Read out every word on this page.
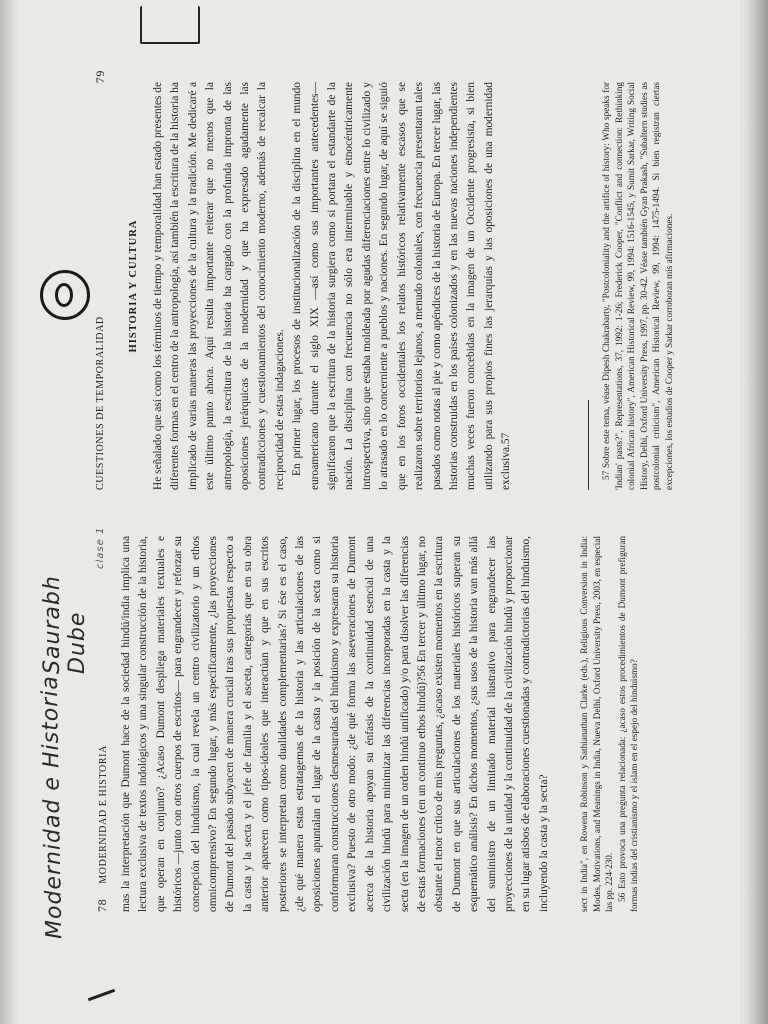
78 MODERNIDAD E HISTORIA mas la interpretación que Dumont hace de la sociedad hindú/india implica una lectura exclusiva de textos indológicos y una singular construcción de la historia, que operan en conjunto? ¿Acaso Dumont despliega materiales textuales e históricos —junto con otros cuerpos de escritos— para engrandecer y reforzar su concepción del hinduismo, la cual revela un centro civilizatorio y un ethos omnicomprensivo? En segundo lugar, y más específicamente, ¿las proyecciones de Dumont del pasado subyacen de manera crucial tras sus propuestas respecto a la casta y la secta y el jefe de familia y el asceta, categorías que en su obra anterior aparecen como tipos-ideales que interactúan y que en sus escritos posteriores se interpretan como dualidades complementarias? Si ése es el caso, ¿de qué manera estas estratagemas de la historia y las articulaciones de las oposiciones apuntalan el lugar de la casta y la posición de la secta como si conformaran construcciones desmesuradas del hinduismo y expresaran su historia exclusiva? Puesto de otro modo: ¿de qué forma las aseveraciones de Dumont acerca de la historia apoyan su énfasis de la continuidad esencial de una civilización hindú para minimizar las diferencias incorporadas en la casta y la secta (en la imagen de un orden hindú unificado) y/o para disolver las diferencias de estas formaciones (en un continuo ethos hindú)?56 En tercer y último lugar, no obstante el tenor crítico de mis preguntas, ¿acaso existen momentos en la escritura de Dumont en que sus articulaciones de los materiales históricos superan su esquemático análisis? En dichos momentos, ¿sus usos de la historia van más allá del suministro de un limitado material ilustrativo para engrandecer las proyecciones de la unidad y la continuidad de la civilización hindú y proporcionar en su lugar atisbos de elaboraciones cuestionadas y contradictorias del hinduismo, incluyendo la casta y la secta?	sect in India", en Rowena Robinson y Sathianathan Clarke (eds.), Religious Conversion in India: Modes, Motivations, and Meanings in India, Nueva Delhi, Oxford University Press, 2003, en especial las pp. 224-230. 56 Esto provoca una pregunta relacionada: ¿acaso estos procedimientos de Dumont prefiguran formas indias del cristianismo y el islam en el espejo del hinduismo?

Modernidad e Historia
Saurabh Dube
CUESTIONES DE TEMPORALIDAD
79
HISTORIA Y CULTURA He señalado que así como los términos de tiempo y temporalidad han estado presentes de diferentes formas en el centro de la antropología, así también la escritura de la historia ha implicado de varias maneras las proyecciones de la cultura y la tradición. Me dedicaré a este último punto ahora. Aquí resulta importante reiterar que no menos que la antropología, la escritura de la historia ha cargado con la profunda impronta de las oposiciones jerárquicas de la modernidad y que ha expresado agudamente las contradicciones y cuestionamientos del conocimiento moderno, además de recalcar la reciprocidad de estas indagaciones. En primer lugar, los procesos de institucionalización de la disciplina en el mundo euroamericano durante el siglo XIX —así como sus importantes antecedentes— significaron que la escritura de la historia surgiera como si portara el estandarte de la nación. La disciplina con frecuencia no sólo era interminable y etnocéntricamente introspectiva, sino que estaba moldeada por agudas diferenciaciones entre lo civilizado y lo atrasado en lo concerniente a pueblos y naciones. En segundo lugar, de aquí se siguió que en los foros occidentales los relatos históricos relativamente escasos que se realizaron sobre territorios lejanos, a menudo coloniales, con frecuencia presentaran tales pasados como notas al pie y como apéndices de la historia de Europa. En tercer lugar, las historias construidas en los países colonizados y en las nuevas naciones independientes muchas veces fueron concebidas en la imagen de un Occidente progresista, si bien utilizando para sus propios fines las jerarquías y las oposiciones de una modernidad exclusiva.57	57 Sobre este tema, véase Dipesh Chakrabarty, "Postcoloniality and the artifice of history: Who speaks for 'Indian' pasts?", Representations, 37, 1992: 1-26; Frederick Cooper, "Conflict and connection: Rethinking colonial African history", American Historical Review, 99, 1994: 1516-1545, y Sumit Sarkar, Writing Social History, Delhi, Oxford University Press, 1997, pp. 30-42. Véase también Gyan Prakash, "Subaltern studies as postcolonial criticism", American Historical Review, 99, 1994: 1475-1494. Si bien registran ciertas excepciones, los estudios de Cooper y Sarkar corroboran mis afirmaciones.

clase 1
